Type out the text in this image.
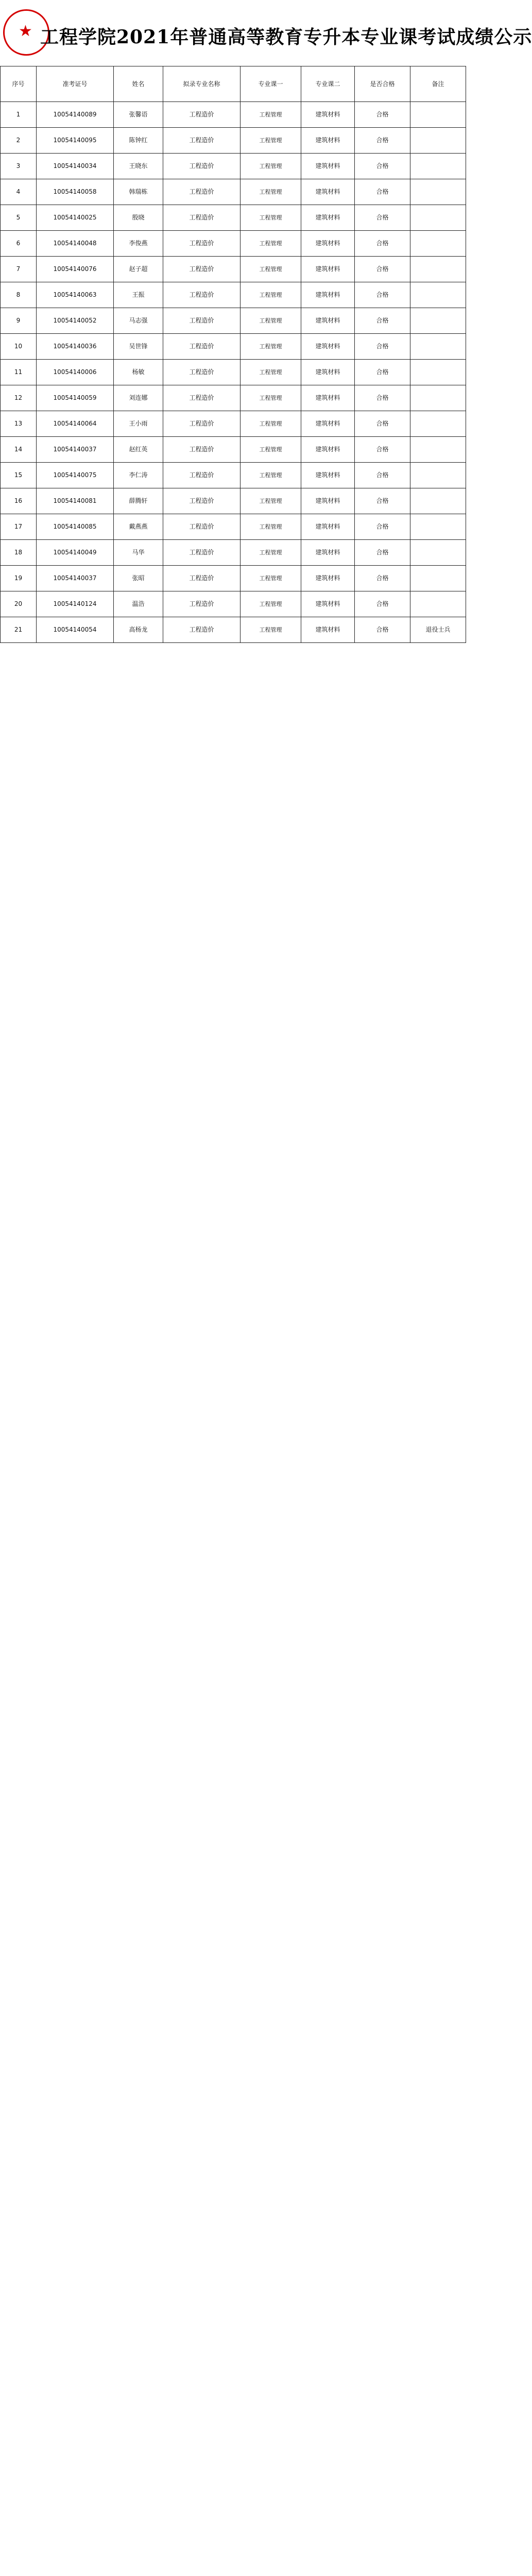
★ 工程学院2021年普通高等教育专升本专业课考试成绩公示
序号	准考证号	姓名	拟录专业名称	专业课一	专业课二	是否合格	备注
1	10054140089	张馨语	工程造价	工程管理	建筑材料	合格	
2	10054140095	陈钟红	工程造价	工程管理	建筑材料	合格	
3	10054140034	王晓东	工程造价	工程管理	建筑材料	合格	
4	10054140058	韩瑞栋	工程造价	工程管理	建筑材料	合格	
5	10054140025	殷晓	工程造价	工程管理	建筑材料	合格	
6	10054140048	李俊燕	工程造价	工程管理	建筑材料	合格	
7	10054140076	赵子超	工程造价	工程管理	建筑材料	合格	
8	10054140063	王振	工程造价	工程管理	建筑材料	合格	
9	10054140052	马志强	工程造价	工程管理	建筑材料	合格	
10	10054140036	吴世锋	工程造价	工程管理	建筑材料	合格	
11	10054140006	杨敏	工程造价	工程管理	建筑材料	合格	
12	10054140059	刘连娜	工程造价	工程管理	建筑材料	合格	
13	10054140064	王小雨	工程造价	工程管理	建筑材料	合格	
14	10054140037	赵红英	工程造价	工程管理	建筑材料	合格	
15	10054140075	李仁涛	工程造价	工程管理	建筑材料	合格	
16	10054140081	薛腾轩	工程造价	工程管理	建筑材料	合格	
17	10054140085	戴燕燕	工程造价	工程管理	建筑材料	合格	
18	10054140049	马华	工程造价	工程管理	建筑材料	合格	
19	10054140037	张昭	工程造价	工程管理	建筑材料	合格	
20	10054140124	温浩	工程造价	工程管理	建筑材料	合格	
21	10054140054	高杨龙	工程造价	工程管理	建筑材料	合格	退役士兵
